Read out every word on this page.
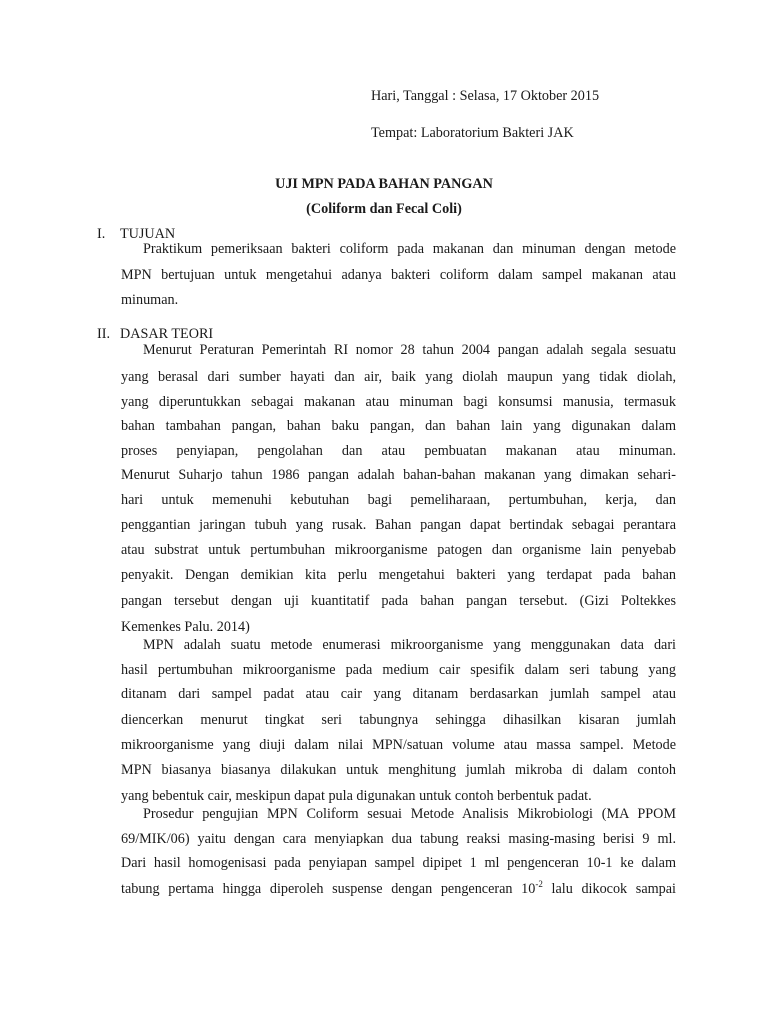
Hari, Tanggal : Selasa, 17 Oktober 2015
Tempat: Laboratorium Bakteri JAK
UJI MPN PADA BAHAN PANGAN
(Coliform dan Fecal Coli)
I. TUJUAN
Praktikum pemeriksaan bakteri coliform pada makanan dan minuman dengan metode
MPN bertujuan untuk mengetahui adanya bakteri coliform dalam sampel makanan atau
minuman.
II. DASAR TEORI
Menurut Peraturan Pemerintah RI nomor 28 tahun 2004 pangan adalah segala sesuatu
yang berasal dari sumber hayati dan air, baik yang diolah maupun yang tidak diolah,
yang diperuntukkan sebagai makanan atau minuman bagi konsumsi manusia, termasuk
bahan tambahan pangan, bahan baku pangan, dan bahan lain yang digunakan dalam
proses penyiapan, pengolahan dan atau pembuatan makanan atau minuman.
Menurut Suharjo tahun 1986 pangan adalah bahan-bahan makanan yang dimakan sehari-
hari untuk memenuhi kebutuhan bagi pemeliharaan, pertumbuhan, kerja, dan
penggantian jaringan tubuh yang rusak. Bahan pangan dapat bertindak sebagai perantara
atau substrat untuk pertumbuhan mikroorganisme patogen dan organisme lain penyebab
penyakit. Dengan demikian kita perlu mengetahui bakteri yang terdapat pada bahan
pangan tersebut dengan uji kuantitatif pada bahan pangan tersebut. (Gizi Poltekkes
Kemenkes Palu. 2014)
MPN adalah suatu metode enumerasi mikroorganisme yang menggunakan data dari
hasil pertumbuhan mikroorganisme pada medium cair spesifik dalam seri tabung yang
ditanam dari sampel padat atau cair yang ditanam berdasarkan jumlah sampel atau
diencerkan menurut tingkat seri tabungnya sehingga dihasilkan kisaran jumlah
mikroorganisme yang diuji dalam nilai MPN/satuan volume atau massa sampel. Metode
MPN biasanya biasanya dilakukan untuk menghitung jumlah mikroba di dalam contoh
yang bebentuk cair, meskipun dapat pula digunakan untuk contoh berbentuk padat.
Prosedur pengujian MPN Coliform sesuai Metode Analisis Mikrobiologi (MA PPOM
69/MIK/06) yaitu dengan cara menyiapkan dua tabung reaksi masing-masing berisi 9 ml.
Dari hasil homogenisasi pada penyiapan sampel dipipet 1 ml pengenceran 10-1 ke dalam
tabung pertama hingga diperoleh suspense dengan pengenceran $10^{-2}$ lalu dikocok sampai
